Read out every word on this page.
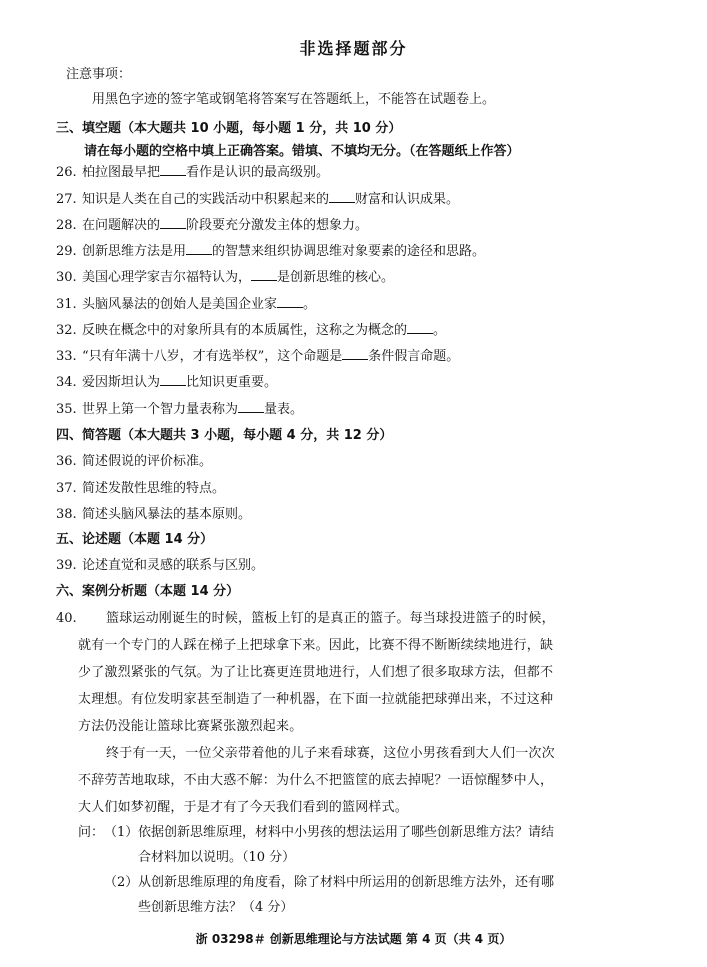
非选择题部分
注意事项：
用黑色字迹的签字笔或钢笔将答案写在答题纸上，不能答在试题卷上。
三、填空题（本大题共 10 小题，每小题 1 分，共 10 分）
请在每小题的空格中填上正确答案。错填、不填均无分。（在答题纸上作答）
26. 柏拉图最早把 看作是认识的最高级别。
27. 知识是人类在自己的实践活动中积累起来的 财富和认识成果。
28. 在问题解决的 阶段要充分激发主体的想象力。
29. 创新思维方法是用 的智慧来组织协调思维对象要素的途径和思路。
30. 美国心理学家吉尔福特认为， 是创新思维的核心。
31. 头脑风暴法的创始人是美国企业家 。
32. 反映在概念中的对象所具有的本质属性，这称之为概念的 。
33. “只有年满十八岁，才有选举权”，这个命题是 条件假言命题。
34. 爱因斯坦认为 比知识更重要。
35. 世界上第一个智力量表称为 量表。
四、简答题（本大题共 3 小题，每小题 4 分，共 12 分）
36. 简述假说的评价标准。
37. 简述发散性思维的特点。
38. 简述头脑风暴法的基本原则。
五、论述题（本题 14 分）
39. 论述直觉和灵感的联系与区别。
六、案例分析题（本题 14 分）
40. 篮球运动刚诞生的时候，篮板上钉的是真正的篮子。每当球投进篮子的时候，
就有一个专门的人踩在梯子上把球拿下来。因此，比赛不得不断断续续地进行，缺
少了激烈紧张的气氛。为了让比赛更连贯地进行，人们想了很多取球方法，但都不
太理想。有位发明家甚至制造了一种机器，在下面一拉就能把球弹出来，不过这种
方法仍没能让篮球比赛紧张激烈起来。
终于有一天，一位父亲带着他的儿子来看球赛，这位小男孩看到大人们一次次
不辞劳苦地取球，不由大惑不解：为什么不把篮筐的底去掉呢？一语惊醒梦中人，
大人们如梦初醒，于是才有了今天我们看到的篮网样式。
问： （1） 依据创新思维原理，材料中小男孩的想法运用了哪些创新思维方法？请结
合材料加以说明。（10 分）
（2） 从创新思维原理的角度看，除了材料中所运用的创新思维方法外，还有哪
些创新思维方法？（4 分）
浙 03298＃ 创新思维理论与方法试题 第 4 页（共 4 页）
